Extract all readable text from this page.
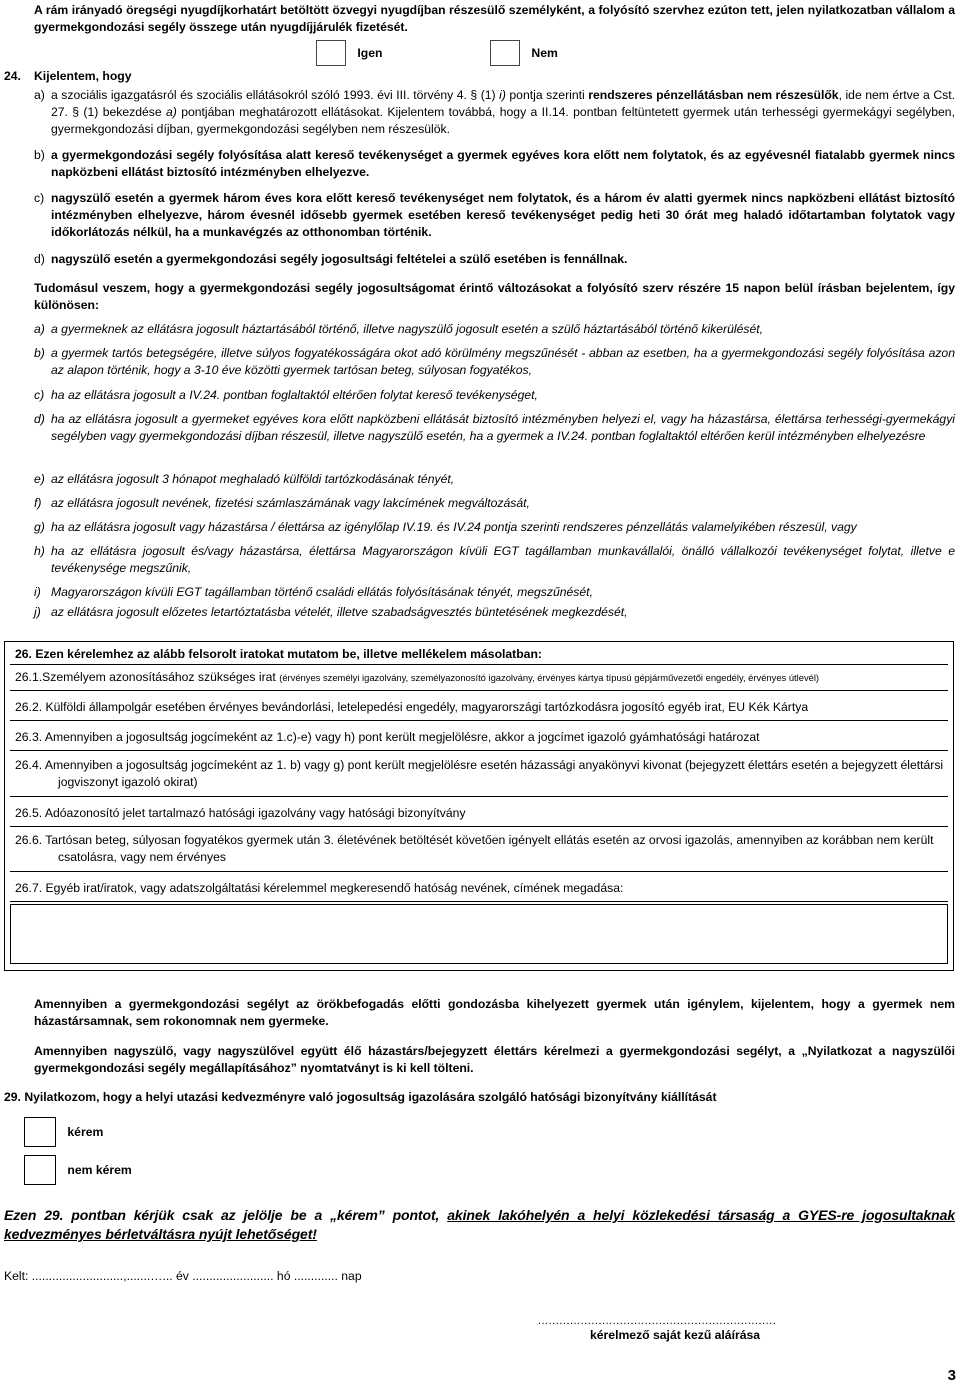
A rám irányadó öregségi nyugdíjkorhatárt betöltött özvegyi nyugdíjban részesülő személyként, a folyósító szervhez ezúton tett, jelen nyilatkozatban vállalom a gyermekgondozási segély összege után nyugdíjjárulék fizetését.

Igen	Nem

24. Kijelentem, hogy

a) a szociális igazgatásról és szociális ellátásokról szóló 1993. évi III. törvény 4. § (1) i) pontja szerinti rendszeres pénzellátásban nem részesülők, ide nem értve a Cst. 27. § (1) bekezdése a) pontjában meghatározott ellátásokat. Kijelentem továbbá, hogy a II.14. pontban feltüntetett gyermek után terhességi gyermekágyi segélyben, gyermekgondozási díjban, gyermekgondozási segélyben nem részesülök.

b) a gyermekgondozási segély folyósítása alatt kereső tevékenységet a gyermek egyéves kora előtt nem folytatok, és az egyévesnél fiatalabb gyermek nincs napközbeni ellátást biztosító intézményben elhelyezve.

c) nagyszülő esetén a gyermek három éves kora előtt kereső tevékenységet nem folytatok, és a három év alatti gyermek nincs napközbeni ellátást biztosító intézményben elhelyezve, három évesnél idősebb gyermek esetében kereső tevékenységet pedig heti 30 órát meg haladó időtartamban folytatok vagy időkorlátozás nélkül, ha a munkavégzés az otthonomban történik.

d) nagyszülő esetén a gyermekgondozási segély jogosultsági feltételei a szülő esetében is fennállnak.

Tudomásul veszem, hogy a gyermekgondozási segély jogosultságomat érintő változásokat a folyósító szerv részére 15 napon belül írásban bejelentem, így különösen:

a) a gyermeknek az ellátásra jogosult háztartásából történő, illetve nagyszülő jogosult esetén a szülő háztartásából történő kikerülését,

b) a gyermek tartós betegségére, illetve súlyos fogyatékosságára okot adó körülmény megszűnését - abban az esetben, ha a gyermekgondozási segély folyósítása azon az alapon történik, hogy a 3-10 éve közötti gyermek tartósan beteg, súlyosan fogyatékos,

c) ha az ellátásra jogosult a IV.24. pontban foglaltaktól eltérően folytat kereső tevékenységet,

d) ha az ellátásra jogosult a gyermeket egyéves kora előtt napközbeni ellátását biztosító intézményben helyezi el, vagy ha házastársa, élettársa terhességi-gyermekágyi segélyben vagy gyermekgondozási díjban részesül, illetve nagyszülő esetén, ha a gyermek a IV.24. pontban foglaltaktól eltérően kerül intézményben elhelyezésre

e) az ellátásra jogosult 3 hónapot meghaladó külföldi tartózkodásának tényét,

f) az ellátásra jogosult nevének, fizetési számlaszámának vagy lakcímének megváltozását,

g) ha az ellátásra jogosult vagy házastársa / élettársa az igénylőlap IV.19. és IV.24 pontja szerinti rendszeres pénzellátás valamelyikében részesül, vagy

h) ha az ellátásra jogosult és/vagy házastársa, élettársa Magyarországon kívüli EGT tagállamban munkavállalói, önálló vállalkozói tevékenységet folytat, illetve e tevékenysége megszűnik,

i) Magyarországon kívüli EGT tagállamban történő családi ellátás folyósításának tényét, megszűnését,

j) az ellátásra jogosult előzetes letartóztatásba vételét, illetve szabadságvesztés büntetésének megkezdését,

26. Ezen kérelemhez az alább felsorolt iratokat mutatom be, illetve mellékelem másolatban:

26.1.Személyem azonosításához szükséges irat (érvényes személyi igazolvány, személyazonosító igazolvány, érvényes kártya típusú gépjárművezetői engedély, érvényes útlevél)

26.2. Külföldi állampolgár esetében érvényes bevándorlási, letelepedési engedély, magyarországi tartózkodásra jogosító egyéb irat, EU Kék Kártya

26.3. Amennyiben a jogosultság jogcímeként az 1.c)-e) vagy h) pont került megjelölésre, akkor a jogcímet igazoló gyámhatósági határozat

26.4. Amennyiben a jogosultság jogcímeként az 1. b) vagy g) pont került megjelölésre esetén házassági anyakönyvi kivonat (bejegyzett élettárs esetén a bejegyzett élettársi jogviszonyt igazoló okirat)

26.5. Adóazonosító jelet tartalmazó hatósági igazolvány vagy hatósági bizonyítvány

26.6. Tartósan beteg, súlyosan fogyatékos gyermek után 3. életévének betöltését követően igényelt ellátás esetén az orvosi igazolás, amennyiben az korábban nem került csatolásra, vagy nem érvényes

26.7. Egyéb irat/iratok, vagy adatszolgáltatási kérelemmel megkeresendő hatóság nevének, címének megadása:

Amennyiben a gyermekgondozási segélyt az örökbefogadás előtti gondozásba kihelyezett gyermek után igénylem, kijelentem, hogy a gyermek nem házastársamnak, sem rokonomnak nem gyermeke.

Amennyiben nagyszülő, vagy nagyszülővel együtt élő házastárs/bejegyzett élettárs kérelmezi a gyermekgondozási segélyt, a „Nyilatkozat a nagyszülői gyermekgondozási segély megállapításához” nyomtatványt is ki kell tölteni.

29. Nyilatkozom, hogy a helyi utazási kedvezményre való jogosultság igazolására szolgáló hatósági bizonyítvány kiállítását

kérem
nem kérem

Ezen 29. pontban kérjük csak az jelölje be a „kérem” pontot, akinek lakóhelyén a helyi közlekedési társaság a GYES-re jogosultaknak kedvezményes bérletváltásra nyújt lehetőséget!

Kelt: ...........................,.......…... év ........................ hó ............. nap

...................................................................

kérelmező saját kezű aláírása

3
